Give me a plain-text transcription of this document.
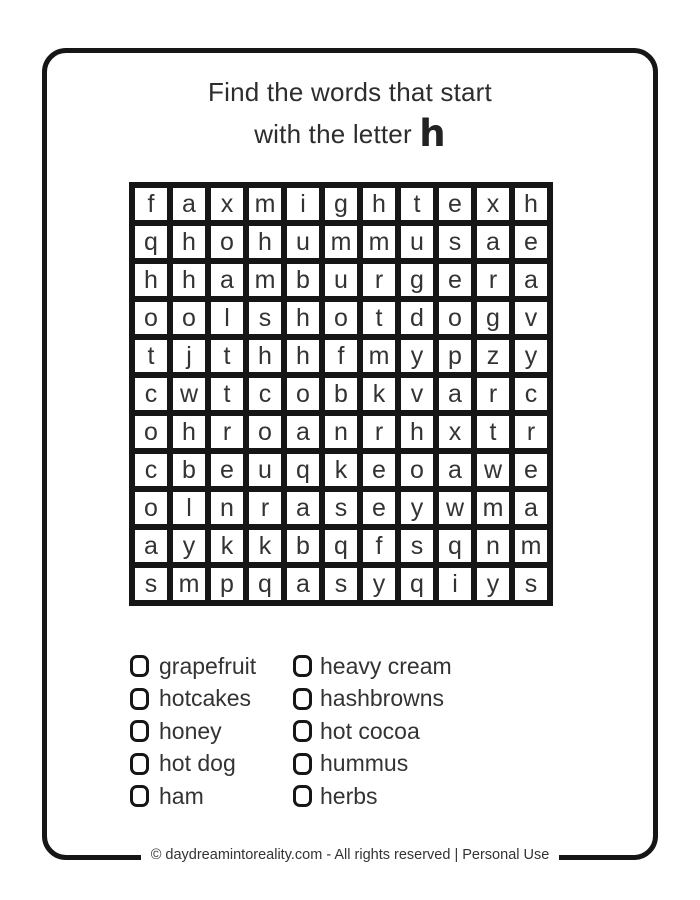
Find the words that start
with the letter h
f	a x m i	g h	t	e x h
q h o h u m m u s a e
h h a m b u	r	g e	r	a
o o	l	s h o	t	d o g v
t	j	t	h h	f m y p z	y
c w	t	c o b k	v a	r	c
o h	r	o a n	r	h x	t	r
c b e u q k e o a w e
o	l	n	r	a s e y w m a
a y	k	k b q	f	s q n m
s m p q a s	y q	i	y	s
grapefruit
hotcakes
honey
hot dog
ham
heavy cream
hashbrowns
hot cocoa
hummus
herbs
© daydreamintoreality.com - All rights reserved | Personal Use
